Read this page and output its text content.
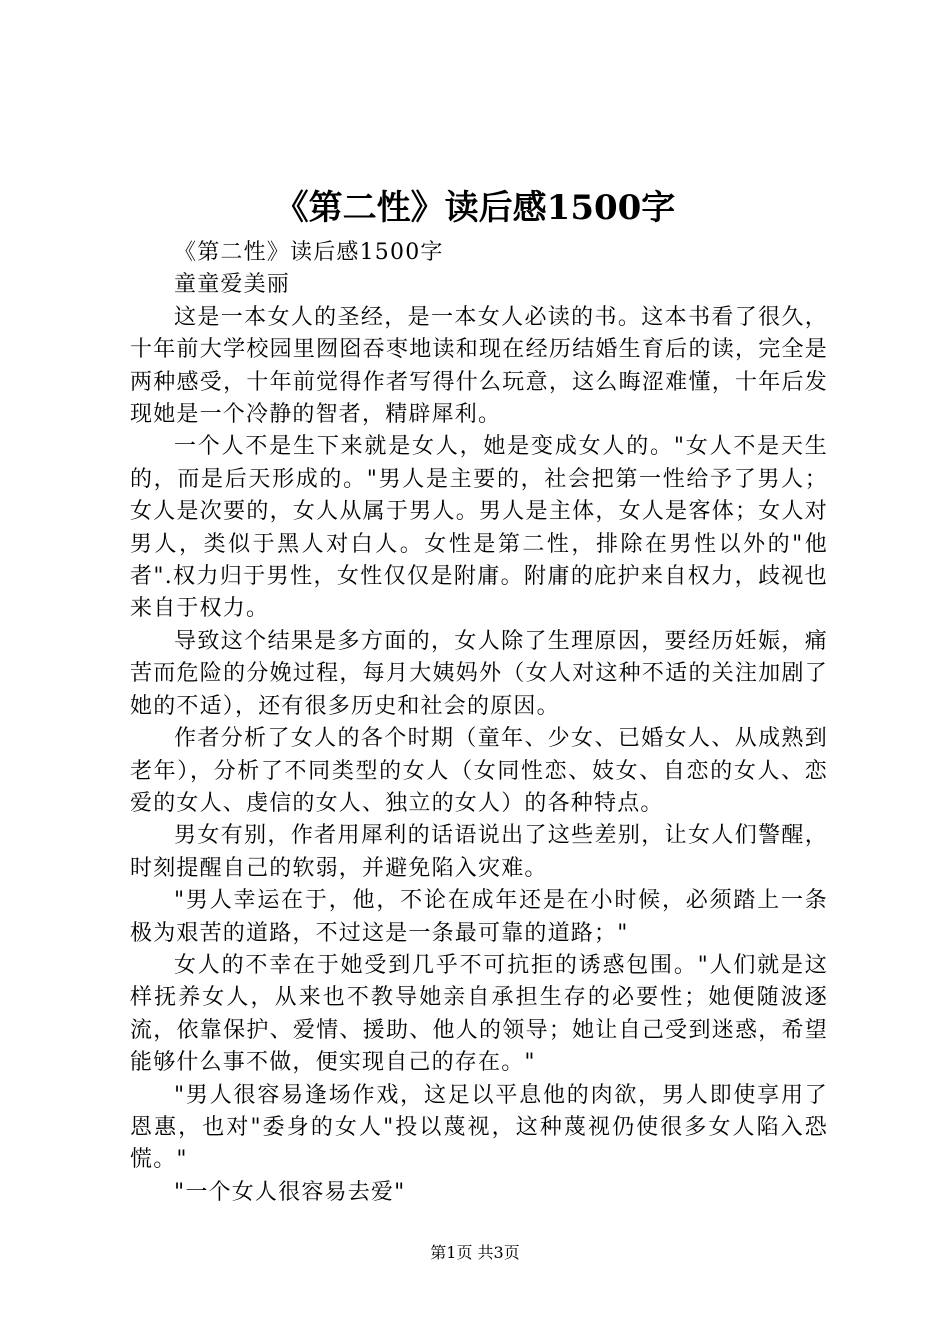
《第二性》读后感1500字

《第二性》读后感1500字

童童爱美丽

这是一本女人的圣经，是一本女人必读的书。这本书看了很久，十年前大学校园里囫囵吞枣地读和现在经历结婚生育后的读，完全是两种感受，十年前觉得作者写得什么玩意，这么晦涩难懂，十年后发现她是一个冷静的智者，精辟犀利。

一个人不是生下来就是女人，她是变成女人的。"女人不是天生的，而是后天形成的。"男人是主要的，社会把第一性给予了男人；女人是次要的，女人从属于男人。男人是主体，女人是客体；女人对男人，类似于黑人对白人。女性是第二性，排除在男性以外的"他者".权力归于男性，女性仅仅是附庸。附庸的庇护来自权力，歧视也来自于权力。

导致这个结果是多方面的，女人除了生理原因，要经历妊娠，痛苦而危险的分娩过程，每月大姨妈外（女人对这种不适的关注加剧了她的不适），还有很多历史和社会的原因。

作者分析了女人的各个时期（童年、少女、已婚女人、从成熟到老年），分析了不同类型的女人（女同性恋、妓女、自恋的女人、恋爱的女人、虔信的女人、独立的女人）的各种特点。

男女有别，作者用犀利的话语说出了这些差别，让女人们警醒，时刻提醒自己的软弱，并避免陷入灾难。

"男人幸运在于，他，不论在成年还是在小时候，必须踏上一条极为艰苦的道路，不过这是一条最可靠的道路；"

女人的不幸在于她受到几乎不可抗拒的诱惑包围。"人们就是这样抚养女人，从来也不教导她亲自承担生存的必要性；她便随波逐流，依靠保护、爱情、援助、他人的领导；她让自己受到迷惑，希望能够什么事不做，便实现自己的存在。"

"男人很容易逢场作戏，这足以平息他的肉欲，男人即使享用了恩惠，也对"委身的女人"投以蔑视，这种蔑视仍使很多女人陷入恐慌。"

"一个女人很容易去爱"

第1页 共3页
